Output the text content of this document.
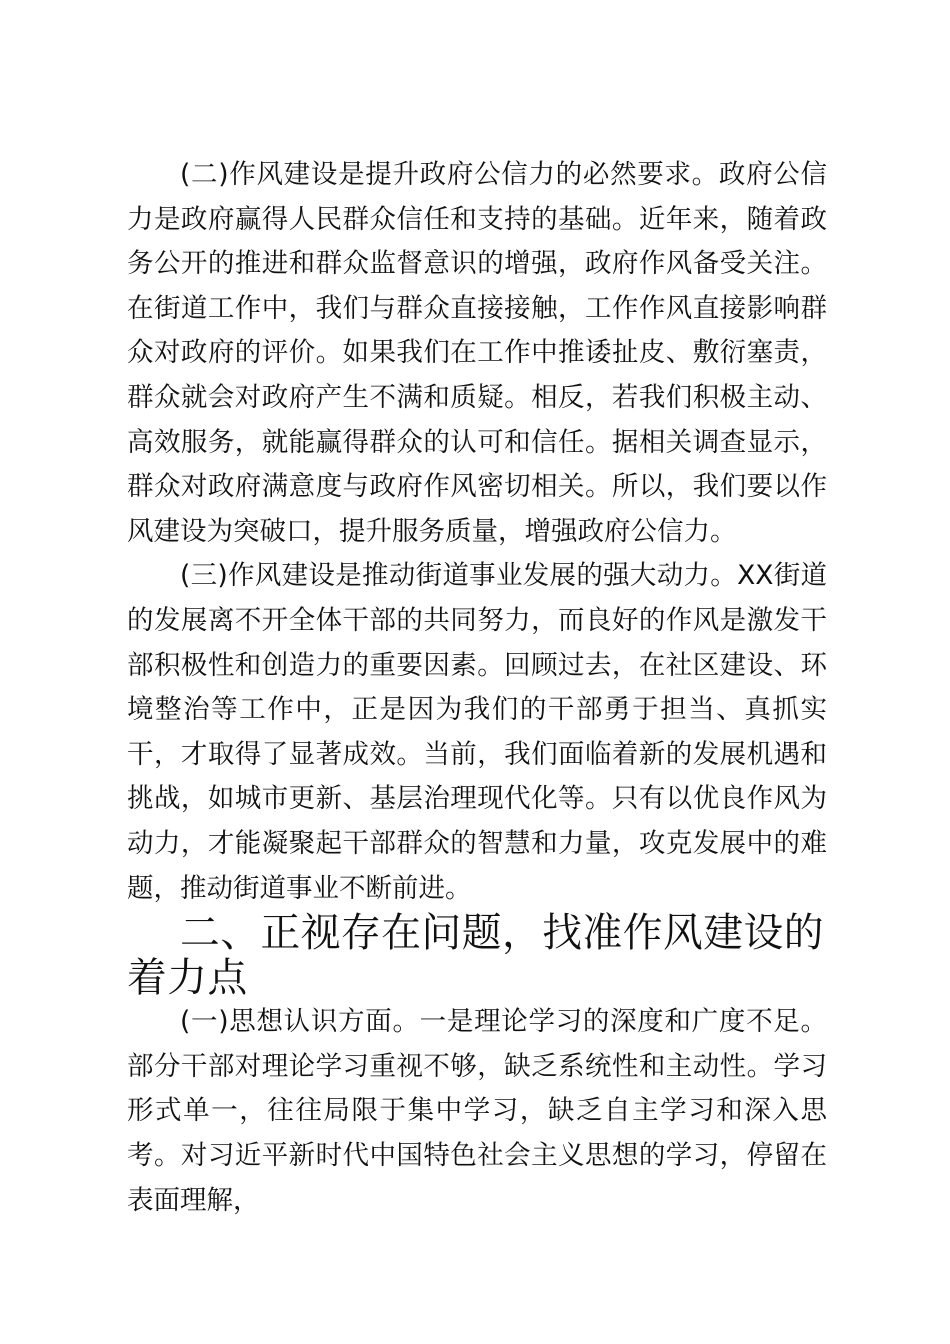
(二)作风建设是提升政府公信力的必然要求。政府公信力是政府赢得人民群众信任和支持的基础。近年来，随着政务公开的推进和群众监督意识的增强，政府作风备受关注。在街道工作中，我们与群众直接接触，工作作风直接影响群众对政府的评价。如果我们在工作中推诿扯皮、敷衍塞责，群众就会对政府产生不满和质疑。相反，若我们积极主动、高效服务，就能赢得群众的认可和信任。据相关调查显示，群众对政府满意度与政府作风密切相关。所以，我们要以作风建设为突破口，提升服务质量，增强政府公信力。

(三)作风建设是推动街道事业发展的强大动力。XX街道的发展离不开全体干部的共同努力，而良好的作风是激发干部积极性和创造力的重要因素。回顾过去，在社区建设、环境整治等工作中，正是因为我们的干部勇于担当、真抓实干，才取得了显著成效。当前，我们面临着新的发展机遇和挑战，如城市更新、基层治理现代化等。只有以优良作风为动力，才能凝聚起干部群众的智慧和力量，攻克发展中的难题，推动街道事业不断前进。

二、正视存在问题，找准作风建设的着力点

(一)思想认识方面。一是理论学习的深度和广度不足。部分干部对理论学习重视不够，缺乏系统性和主动性。学习形式单一，往往局限于集中学习，缺乏自主学习和深入思考。对习近平新时代中国特色社会主义思想的学习，停留在表面理解，
